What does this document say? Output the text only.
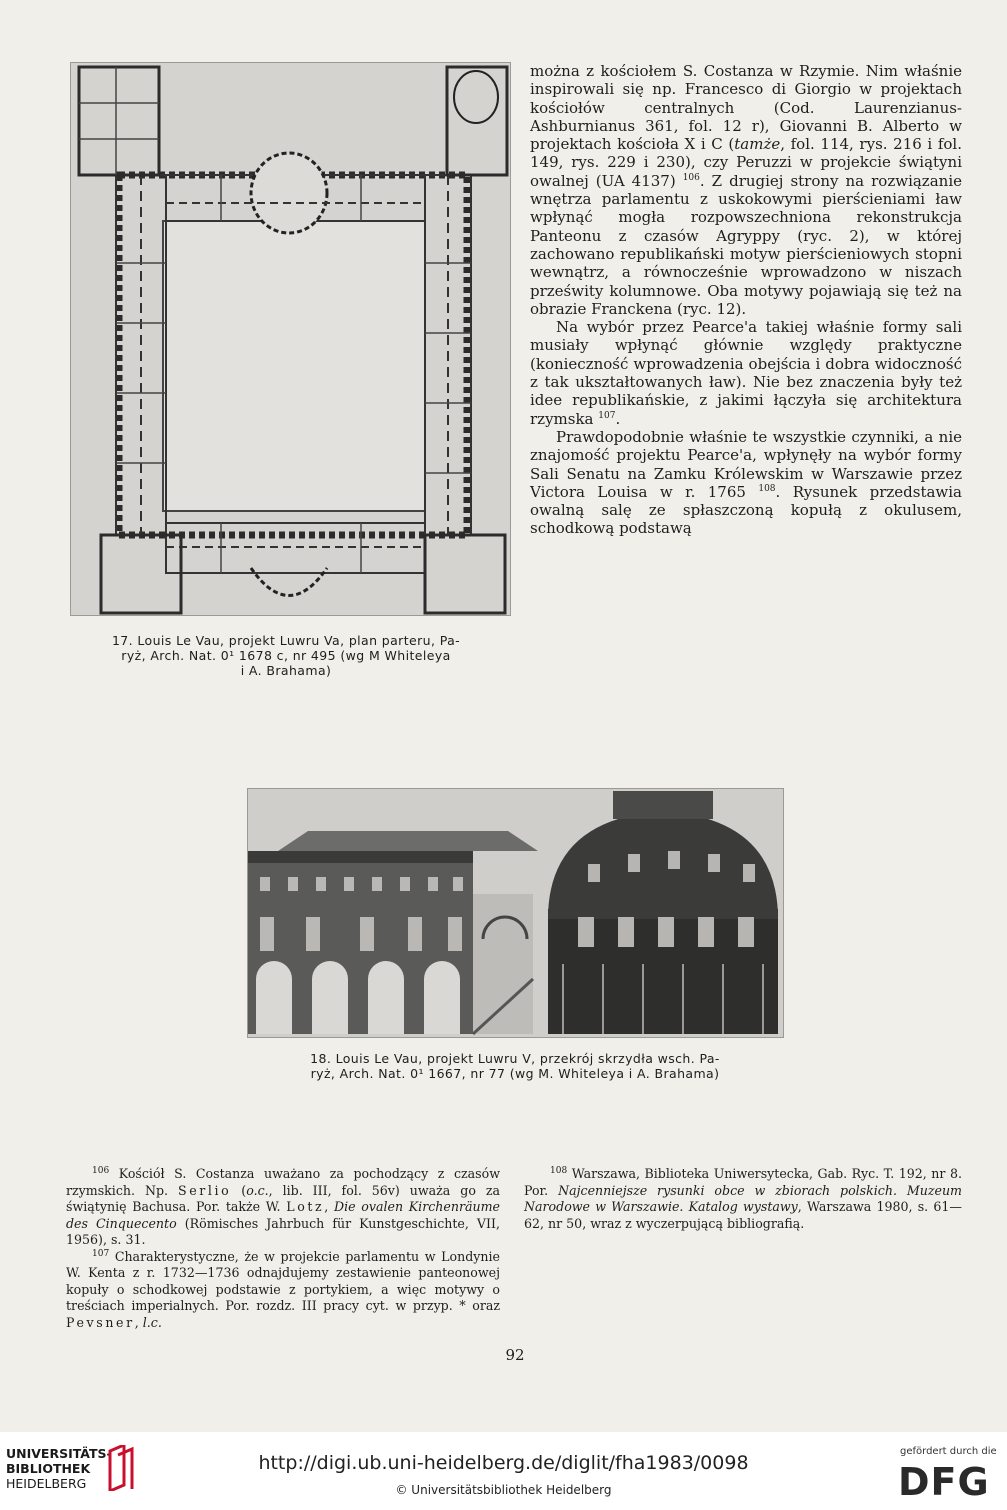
17. Louis Le Vau, projekt Luwru Va, plan parteru, Pa-
ryż, Arch. Nat. 0¹ 1678 c, nr 495 (wg M Whiteleya
i A. Brahama)

można z kościołem S. Costanza w Rzymie. Nim właśnie inspirowali się np. Francesco di Giorgio w projektach kościołów centralnych (Cod. Laurenzianus-Ashburnianus 361, fol. 12 r), Giovanni B. Alberto w projektach kościoła X i C (tamże, fol. 114, rys. 216 i fol. 149, rys. 229 i 230), czy Peruzzi w projekcie świątyni owalnej (UA 4137) $^{106}$. Z drugiej strony na rozwiązanie wnętrza parlamentu z uskokowymi pierścieniami ław wpłynąć mogła rozpowszechniona rekonstrukcja Panteonu z czasów Agryppy (ryc. 2), w której zachowano republikański motyw pierścieniowych stopni wewnątrz, a równocześnie wprowadzono w niszach prześwity kolumnowe. Oba motywy pojawiają się też na obrazie Franckena (ryc. 12).

Na wybór przez Pearce'a takiej właśnie formy sali musiały wpłynąć głównie względy praktyczne (konieczność wprowadzenia obejścia i dobra widoczność z tak ukształtowanych ław). Nie bez znaczenia były też idee republikańskie, z jakimi łączyła się architektura rzymska $^{107}$.

Prawdopodobnie właśnie te wszystkie czynniki, a nie znajomość projektu Pearce'a, wpłynęły na wybór formy Sali Senatu na Zamku Królewskim w Warszawie przez Victora Louisa w r. 1765 $^{108}$. Rysunek przedstawia owalną salę ze spłaszczoną kopułą z okulusem, schodkową podstawą

18. Louis Le Vau, projekt Luwru V, przekrój skrzydła wsch. Pa-
ryż, Arch. Nat. 0¹ 1667, nr 77 (wg M. Whiteleya i A. Brahama)

$^{106}$ Kościół S. Costanza uważano za pochodzący z czasów rzymskich. Np. Serlio (o.c., lib. III, fol. 56v) uważa go za świątynię Bachusa. Por. także W. Lotz, Die ovalen Kirchenräume des Cinquecento (Römisches Jahrbuch für Kunstgeschichte, VII, 1956), s. 31.

$^{107}$ Charakterystyczne, że w projekcie parlamentu w Londynie W. Kenta z r. 1732—1736 odnajdujemy zestawienie panteonowej kopuły o schodkowej podstawie z portykiem, a więc motywy o treściach imperialnych. Por. rozdz. III pracy cyt. w przyp. * oraz Pevsner, l.c.

$^{108}$ Warszawa, Biblioteka Uniwersytecka, Gab. Ryc. T. 192, nr 8. Por. Najcenniejsze rysunki obce w zbiorach polskich. Muzeum Narodowe w Warszawie. Katalog wystawy, Warszawa 1980, s. 61—62, nr 50, wraz z wyczerpującą bibliografią.

92
UNIVERSITÄTS-
BIBLIOTHEK
HEIDELBERG
http://digi.ub.uni-heidelberg.de/diglit/fha1983/0098
© Universitätsbibliothek Heidelberg
gefördert durch die
DFG
